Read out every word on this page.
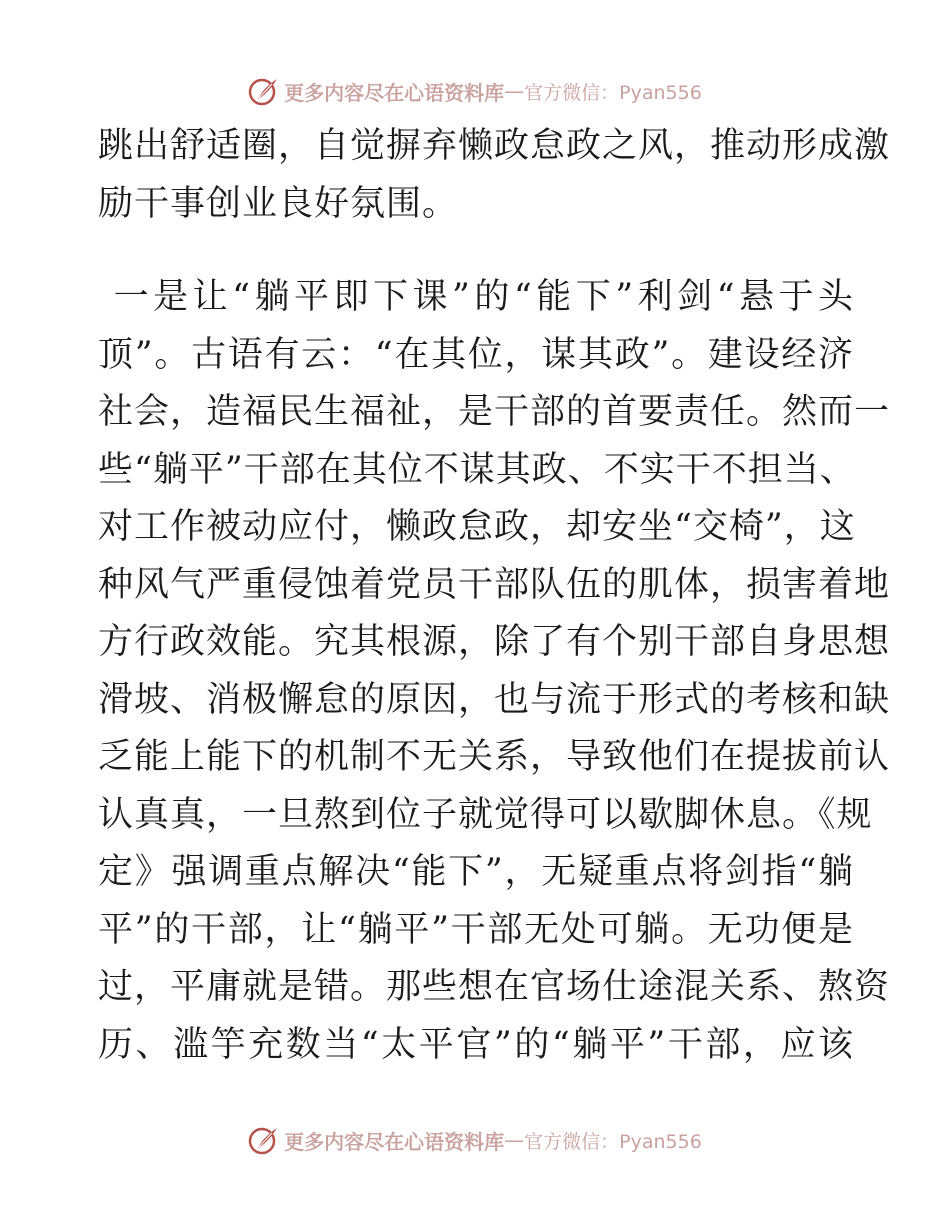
更多内容尽在心语资料库 — 官方微信：Pyan556
跳出舒适圈，自觉摒弃懒政怠政之风，推动形成激
励干事创业良好氛围。
一是让“躺平即下课”的“能下”利剑“悬于头
顶”。古语有云：“在其位，谋其政”。建设经济
社会，造福民生福祉，是干部的首要责任。然而一
些“躺平”干部在其位不谋其政、不实干不担当、
对工作被动应付，懒政怠政，却安坐“交椅”，这
种风气严重侵蚀着党员干部队伍的肌体，损害着地
方行政效能。究其根源，除了有个别干部自身思想
滑坡、消极懈怠的原因，也与流于形式的考核和缺
乏能上能下的机制不无关系，导致他们在提拔前认
认真真，一旦熬到位子就觉得可以歇脚休息。《规
定》强调重点解决“能下”，无疑重点将剑指“躺
平”的干部，让“躺平”干部无处可躺。无功便是
过，平庸就是错。那些想在官场仕途混关系、熬资
历、滥竽充数当“太平官”的“躺平”干部，应该
更多内容尽在心语资料库 — 官方微信：Pyan556
